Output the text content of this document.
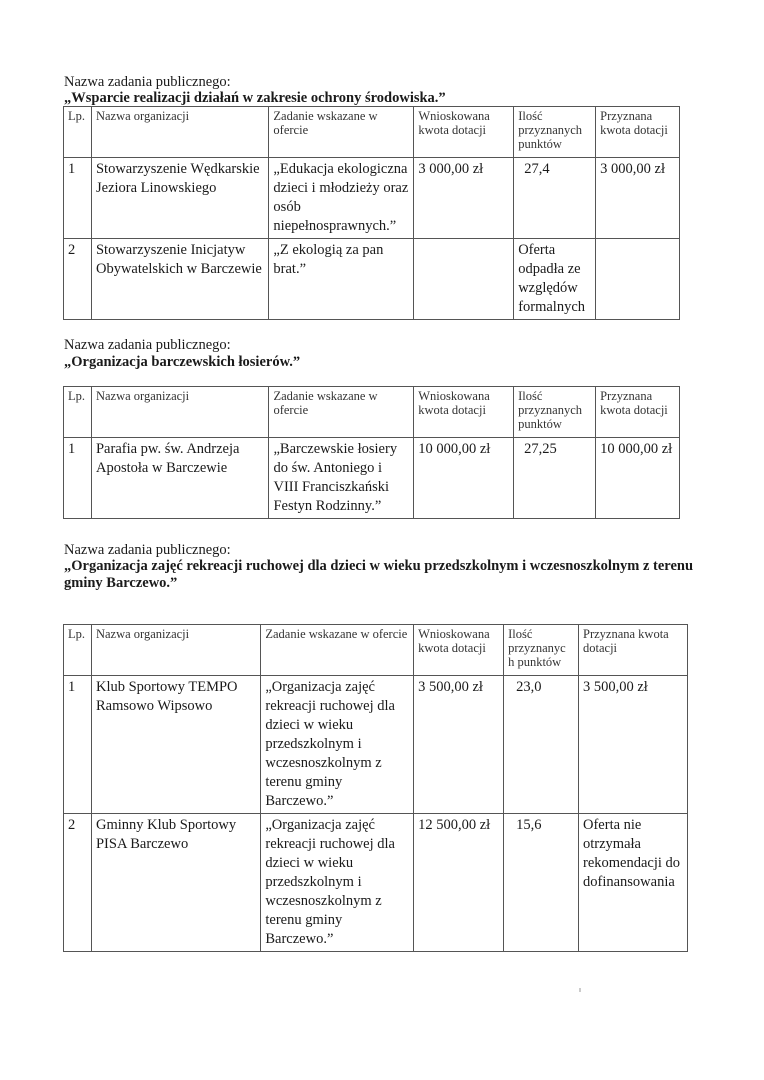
Nazwa zadania publicznego:
„Wsparcie realizacji działań w zakresie ochrony środowiska.”
Lp.	Nazwa organizacji	Zadanie wskazane w ofercie	Wnioskowana kwota dotacji	Ilość przyznanych punktów	Przyznana kwota dotacji
1	Stowarzyszenie Wędkarskie Jeziora Linowskiego	„Edukacja ekologiczna dzieci i młodzieży oraz osób niepełnosprawnych.”	3 000,00 zł	27,4	3 000,00 zł
2	Stowarzyszenie Inicjatyw Obywatelskich w Barczewie	„Z ekologią za pan brat.”		Oferta odpadła ze względów formalnych	
Nazwa zadania publicznego:
„Organizacja barczewskich łosierów.”
Lp.	Nazwa organizacji	Zadanie wskazane w ofercie	Wnioskowana kwota dotacji	Ilość przyznanych punktów	Przyznana kwota dotacji
1	Parafia pw. św. Andrzeja Apostoła w Barczewie	„Barczewskie łosiery do św. Antoniego i VIII Franciszkański Festyn Rodzinny.”	10 000,00 zł	27,25	10 000,00 zł
Nazwa zadania publicznego:
„Organizacja zajęć rekreacji ruchowej dla dzieci w wieku przedszkolnym i wczesnoszkolnym z terenu gminy Barczewo.”
Lp.	Nazwa organizacji	Zadanie wskazane w ofercie	Wnioskowana kwota dotacji	Ilość przyznanyc h punktów	Przyznana kwota dotacji
1	Klub Sportowy TEMPO Ramsowo Wipsowo	„Organizacja zajęć rekreacji ruchowej dla dzieci w wieku przedszkolnym i wczesnoszkolnym z terenu gminy Barczewo.”	3 500,00 zł	23,0	3 500,00 zł
2	Gminny Klub Sportowy PISA Barczewo	„Organizacja zajęć rekreacji ruchowej dla dzieci w wieku przedszkolnym i wczesnoszkolnym z terenu gminy Barczewo.”	12 500,00 zł	15,6	Oferta nie otrzymała rekomendacji do dofinansowania
